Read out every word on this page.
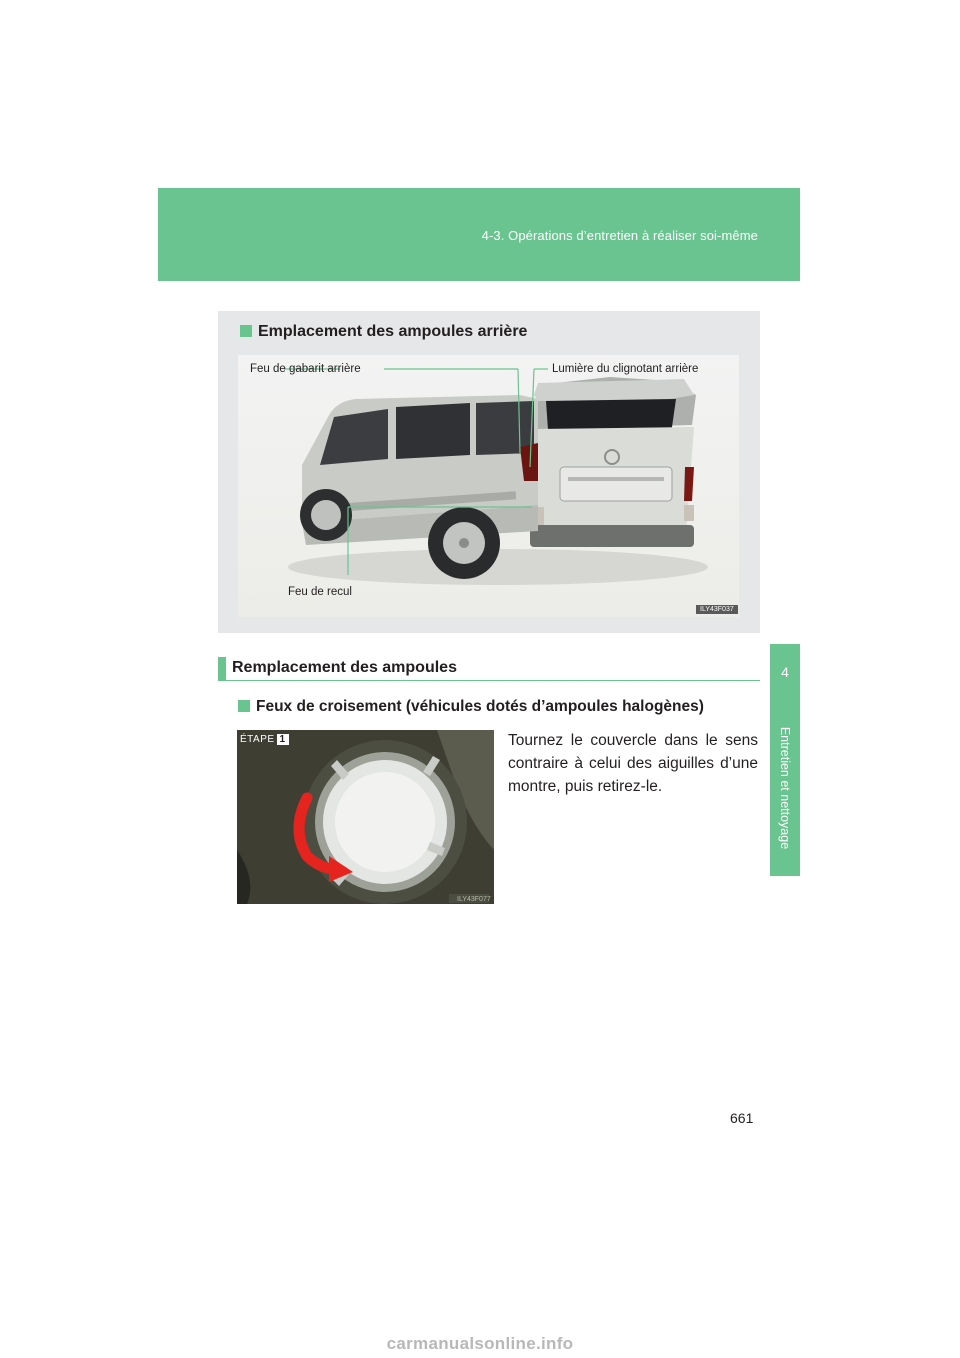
4-3. Opérations d’entretien à réaliser soi-même
4
Entretien et nettoyage
Emplacement des ampoules arrière
Feu de gabarit arrière	Lumière du clignotant arrière
Feu de recul
ILY43F037
Remplacement des ampoules
Feux de croisement (véhicules dotés d’ampoules halogènes)
ÉTAPE 1
ILY43F077
Tournez le couvercle dans le sens contraire à celui des aiguilles d’une montre, puis retirez-le.
661
carmanualsonline.info
